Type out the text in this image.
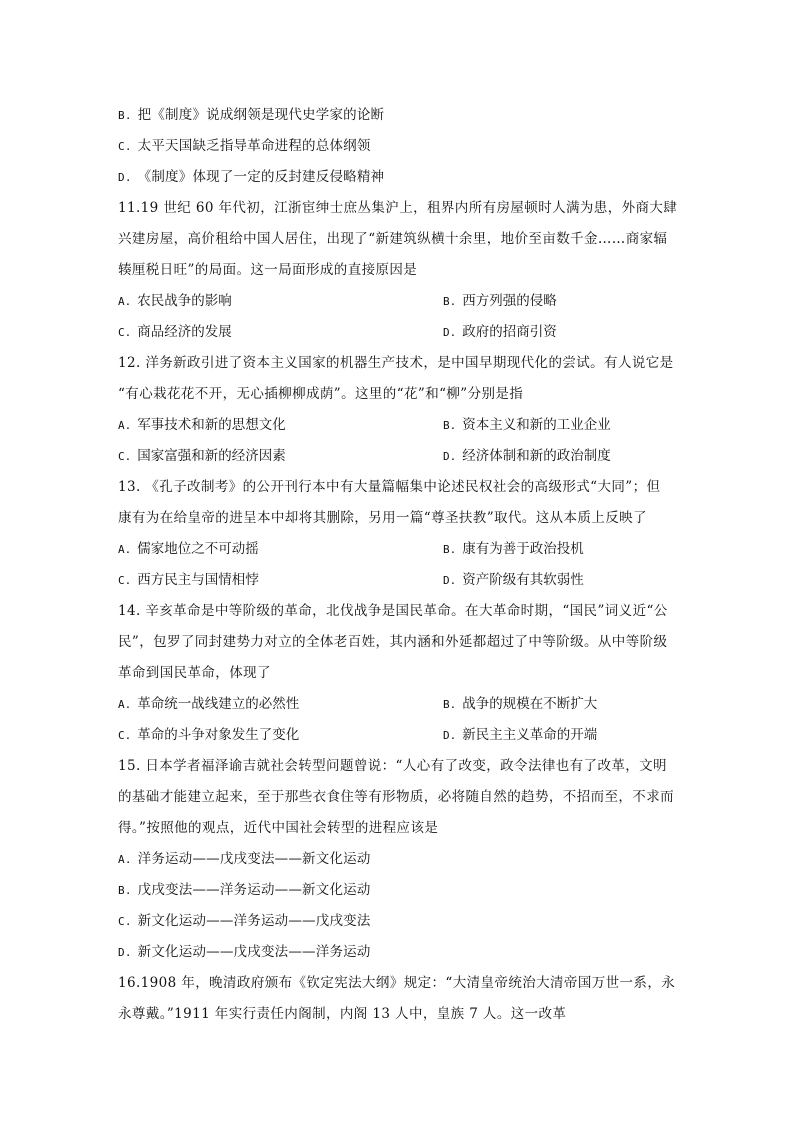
B. 把《制度》说成纲领是现代史学家的论断
C. 太平天国缺乏指导革命进程的总体纲领
D. 《制度》体现了一定的反封建反侵略精神
11.19 世纪 60 年代初，江浙宦绅士庶丛集沪上，租界内所有房屋顿时人满为患，外商大肆
兴建房屋，高价租给中国人居住，出现了“新建筑纵横十余里，地价至亩数千金……商家辐
辏厘税日旺”的局面。这一局面形成的直接原因是
A. 农民战争的影响	B. 西方列强的侵略
C. 商品经济的发展	D. 政府的招商引资
12. 洋务新政引进了资本主义国家的机器生产技术，是中国早期现代化的尝试。有人说它是
“有心栽花花不开，无心插柳柳成荫”。这里的“花”和“柳”分别是指
A. 军事技术和新的思想文化	B. 资本主义和新的工业企业
C. 国家富强和新的经济因素	D. 经济体制和新的政治制度
13. 《孔子改制考》的公开刊行本中有大量篇幅集中论述民权社会的高级形式“大同”；但
康有为在给皇帝的进呈本中却将其删除，另用一篇“尊圣扶教”取代。这从本质上反映了
A. 儒家地位之不可动摇	B. 康有为善于政治投机
C. 西方民主与国情相悖	D. 资产阶级有其软弱性
14. 辛亥革命是中等阶级的革命，北伐战争是国民革命。在大革命时期，“国民”词义近“公
民”，包罗了同封建势力对立的全体老百姓，其内涵和外延都超过了中等阶级。从中等阶级
革命到国民革命，体现了
A. 革命统一战线建立的必然性	B. 战争的规模在不断扩大
C. 革命的斗争对象发生了变化	D. 新民主主义革命的开端
15. 日本学者福泽谕吉就社会转型问题曾说：“人心有了改变，政令法律也有了改革，文明
的基础才能建立起来，至于那些衣食住等有形物质，必将随自然的趋势，不招而至，不求而
得。”按照他的观点，近代中国社会转型的进程应该是
A. 洋务运动——戊戌变法——新文化运动
B. 戊戌变法——洋务运动——新文化运动
C. 新文化运动——洋务运动——戊戌变法
D. 新文化运动——戊戌变法——洋务运动
16.1908 年，晚清政府颁布《钦定宪法大纲》规定：“大清皇帝统治大清帝国万世一系，永
永尊戴。”1911 年实行责任内阁制，内阁 13 人中，皇族 7 人。这一改革
